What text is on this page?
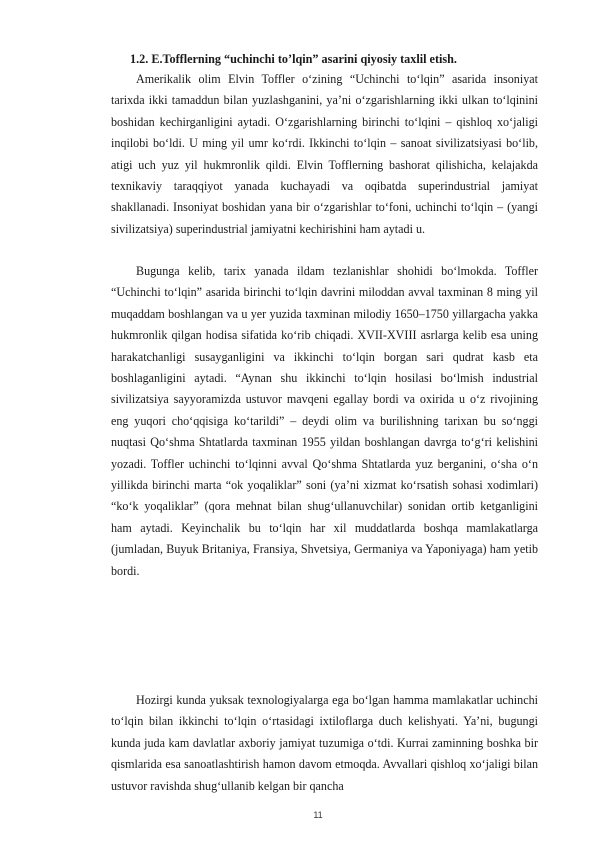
1.2. E.Tofflerning “uchinchi to’lqin” asarini qiyosiy taxlil etish.

Amerikalik olim Elvin Toffler o‘zining “Uchinchi to‘lqin” asarida insoniyat tarixda ikki tamaddun bilan yuzlashganini, ya’ni o‘zgarishlarning ikki ulkan to‘lqinini boshidan kechirganligini aytadi. O‘zgarishlarning birinchi to‘lqini – qishloq xo‘jaligi inqilobi bo‘ldi. U ming yil umr ko‘rdi. Ikkinchi to‘lqin – sanoat sivilizatsiyasi bo‘lib, atigi uch yuz yil hukmronlik qildi. Elvin Tofflerning bashorat qilishicha, kelajakda texnikaviy taraqqiyot yanada kuchayadi va oqibatda superindustrial jamiyat shakllanadi. Insoniyat boshidan yana bir o‘zgarishlar to‘foni, uchinchi to‘lqin – (yangi sivilizatsiya) superindustrial jamiyatni kechirishini ham aytadi u.

Bugunga kelib, tarix yanada ildam tezlanishlar shohidi bo‘lmokda. Toffler “Uchinchi to‘lqin” asarida birinchi to‘lqin davrini miloddan avval taxminan 8 ming yil muqaddam boshlangan va u yer yuzida taxminan milodiy 1650–1750 yillargacha yakka hukmronlik qilgan hodisa sifatida ko‘rib chiqadi. XVII-XVIII asrlarga kelib esa uning harakatchanligi susayganligini va ikkinchi to‘lqin borgan sari qudrat kasb eta boshlaganligini aytadi. “Aynan shu ikkinchi to‘lqin hosilasi bo‘lmish industrial sivilizatsiya sayyoramizda ustuvor mavqeni egallay bordi va oxirida u o‘z rivojining eng yuqori cho‘qqisiga ko‘tarildi” – deydi olim va burilishning tarixan bu so‘nggi nuqtasi Qo‘shma Shtatlarda taxminan 1955 yildan boshlangan davrga to‘g‘ri kelishini yozadi. Toffler uchinchi to‘lqinni avval Qo‘shma Shtatlarda yuz berganini, o‘sha o‘n yillikda birinchi marta “ok yoqaliklar” soni (ya’ni xizmat ko‘rsatish sohasi xodimlari) “ko‘k yoqaliklar” (qora mehnat bilan shug‘ullanuvchilar) sonidan ortib ketganligini ham aytadi. Keyinchalik bu to‘lqin har xil muddatlarda boshqa mamlakatlarga (jumladan, Buyuk Britaniya, Fransiya, Shvetsiya, Germaniya va Yaponiyaga) ham yetib bordi.

Hozirgi kunda yuksak texnologiyalarga ega bo‘lgan hamma mamlakatlar uchinchi to‘lqin bilan ikkinchi to‘lqin o‘rtasidagi ixtiloflarga duch kelishyati. Ya’ni, bugungi kunda juda kam davlatlar axboriy jamiyat tuzumiga o‘tdi. Kurrai zaminning boshka bir qismlarida esa sanoatlashtirish hamon davom etmoqda. Avvallari qishloq xo‘jaligi bilan ustuvor ravishda shug‘ullanib kelgan bir qancha

11
